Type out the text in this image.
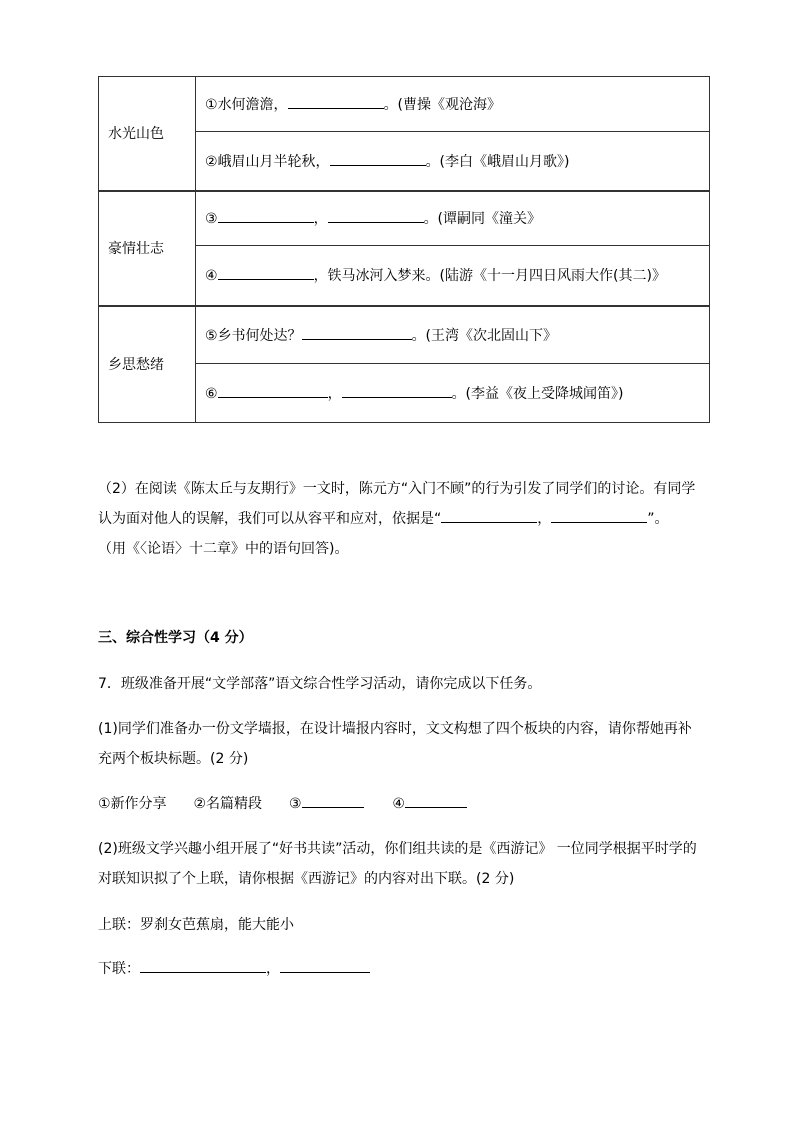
水光山色	①水何澹澹， 。(曹操《观沧海》
	②峨眉山月半轮秋， 。(李白《峨眉山月歌》)
豪情壮志	③ ， 。(谭嗣同《潼关》
	④ ，铁马冰河入梦来。(陆游《十一月四日风雨大作(其二)》
乡思愁绪	⑤乡书何处达？ 。(王湾《次北固山下》
	⑥ ， 。(李益《夜上受降城闻笛》)
（2）在阅读《陈太丘与友期行》一文时，陈元方“入门不顾”的行为引发了同学们的讨论。有同学
认为面对他人的误解，我们可以从容平和应对，依据是“	，	”。
（用《〈论语〉十二章》中的语句回答)。
三、综合性学习（4 分）
7．班级准备开展“文学部落”语文综合性学习活动，请你完成以下任务。
(1)同学们准备办一份文学墙报，在设计墙报内容时，文文构想了四个板块的内容，请你帮她再补
充两个板块标题。(2 分)
①新作分享 ②名篇精段 ③	④
(2)班级文学兴趣小组开展了“好书共读”活动，你们组共读的是《西游记》 一位同学根据平时学的
对联知识拟了个上联，请你根据《西游记》的内容对出下联。(2 分)
上联：罗刹女芭蕉扇，能大能小
下联：	，
